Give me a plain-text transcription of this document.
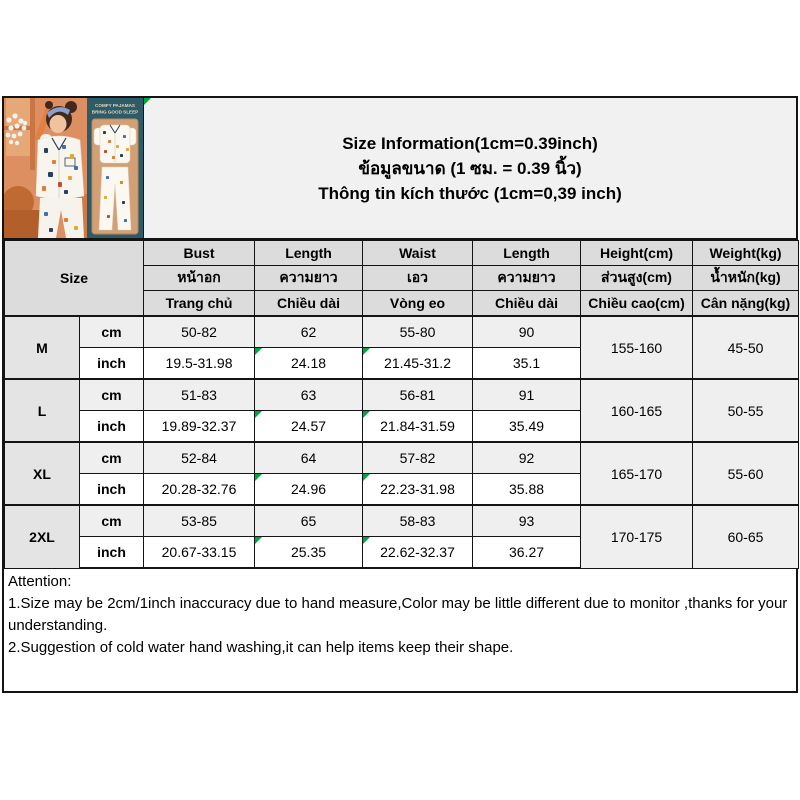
COMFY PAJAMAS
BRING GOOD SLEEP
Size Information(1cm=0.39inch)
ข้อมูลขนาด (1 ซม. = 0.39 นิ้ว)
Thông tin kích thước (1cm=0,39 inch)
Size		Bust	Length	Waist	Length	Height(cm)	Weight(kg)
		หน้าอก	ความยาว	เอว	ความยาว	ส่วนสูง(cm)	น้ำหนัก(kg)
		Trang chủ	Chiều dài	Vòng eo	Chiều dài	Chiều cao(cm)	Cân nặng(kg)
M	cm	50-82	62	55-80	90	155-160	45-50
	inch	19.5-31.98	24.18	21.45-31.2	35.1		
L	cm	51-83	63	56-81	91	160-165	50-55
	inch	19.89-32.37	24.57	21.84-31.59	35.49		
XL	cm	52-84	64	57-82	92	165-170	55-60
	inch	20.28-32.76	24.96	22.23-31.98	35.88		
2XL	cm	53-85	65	58-83	93	170-175	60-65
	inch	20.67-33.15	25.35	22.62-32.37	36.27		

Attention:

1.Size may be 2cm/1inch inaccuracy due to hand measure,Color may be little different due to monitor ,thanks for your understanding.

2.Suggestion of cold water hand washing,it can help items keep their shape.
